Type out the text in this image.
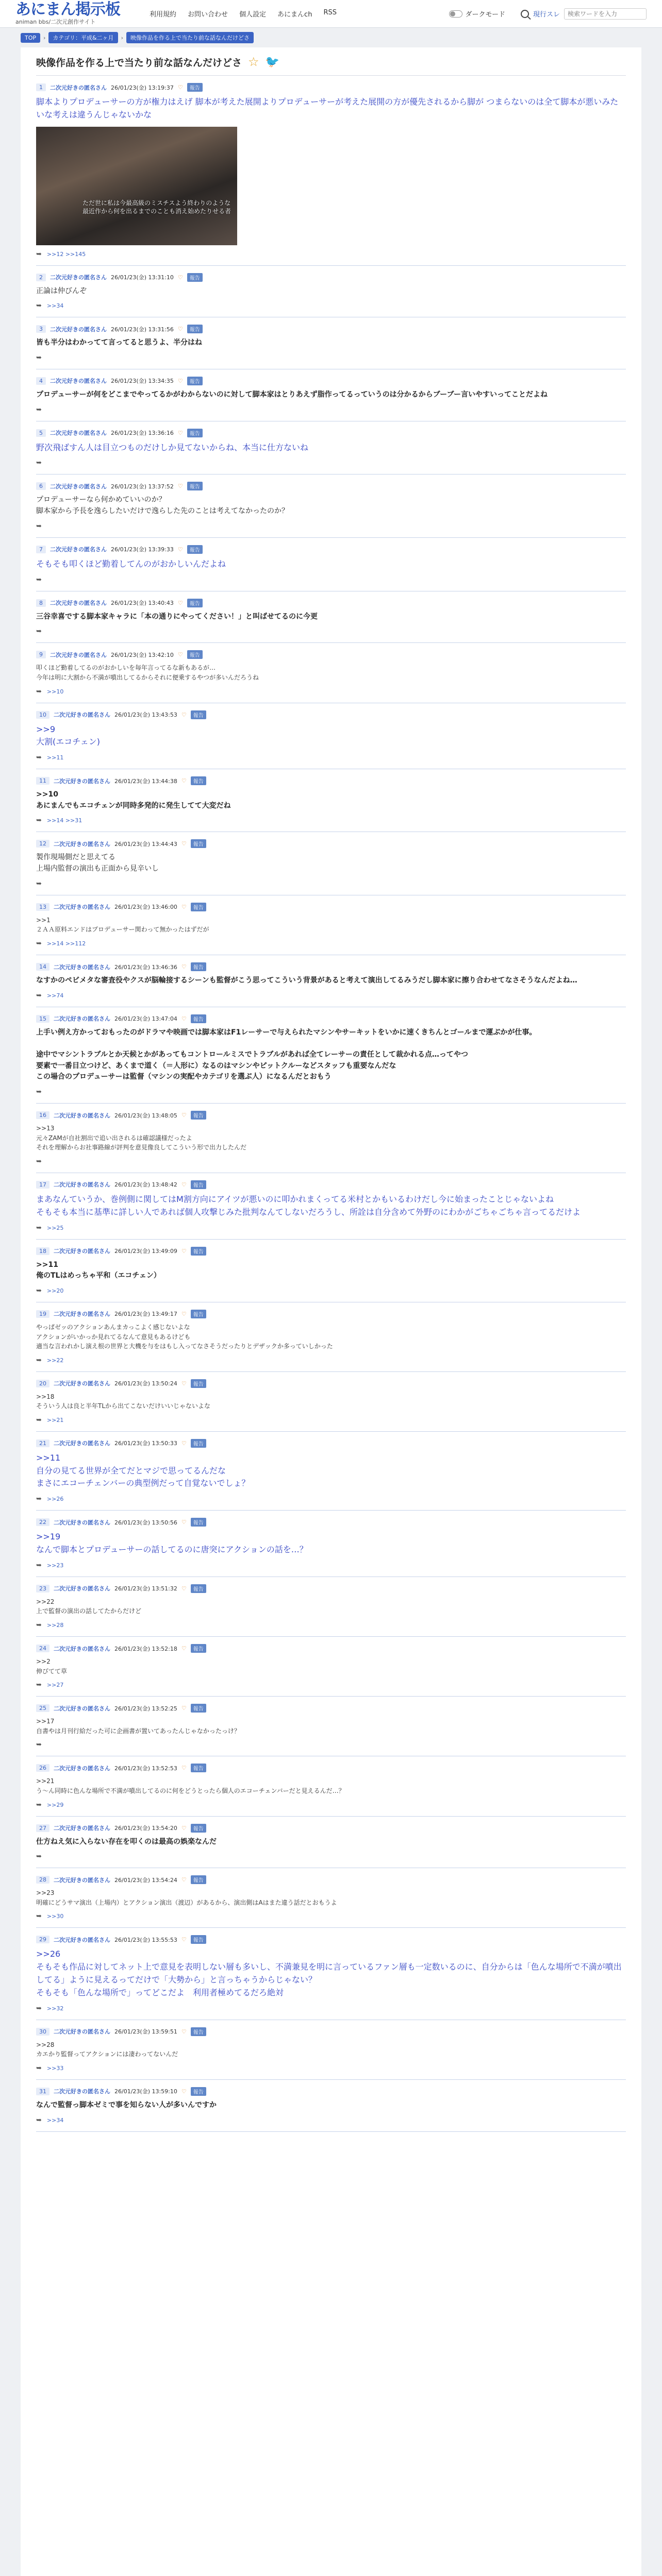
あにまん掲示板
animan bbs/二次元創作サイト
利用規約 お問い合わせ 個人設定 あにまんch RSS	ダークモード	現行スレ
検索ワードを入力
TOP	›	カテゴリ：平成&二ヶ月	›	映像作品を作る上で当たり前な話なんだけどさ
映像作品を作る上で当たり前な話なんだけどさ ☆ 🐦
1	二次元好きの匿名さん 26/01/23(金) 13:19:37 ♡	報告
脚本よりプロデューサーの方が権力はえげ 脚本が考えた展開よりプロデューサーが考えた展開の方が優先されるから脚が つまらないのは全て脚本が悪いみたいな考えは違うんじゃないかな
ただ世に私は今最高級のミスチスよう終わりのような
最近作から何を出るまでのことも消え始めたりせる者
➥ >>12 >>145
2	二次元好きの匿名さん 26/01/23(金) 13:31:10 ♡	報告
正論は仲びんぞ
➥ >>34
3	二次元好きの匿名さん 26/01/23(金) 13:31:56 ♡	報告
皆も半分はわかってて言ってると思うよ、半分はね
➥
4	二次元好きの匿名さん 26/01/23(金) 13:34:35 ♡	報告
プロデューサーが何をどこまでやってるかがわからないのに対して脚本家はとりあえず脂作ってるっていうのは分かるからブーブー言いやすいってことだよね
➥
5	二次元好きの匿名さん 26/01/23(金) 13:36:16 ♡	報告
野次飛ばすん人は目立つものだけしか見てないからね、本当に仕方ないね
➥
6	二次元好きの匿名さん 26/01/23(金) 13:37:52 ♡	報告
プロデューサーなら何かめていいのか？
脚本家から予長を逸らしたいだけで逸らした先のことは考えてなかったのか？
➥
7	二次元好きの匿名さん 26/01/23(金) 13:39:33 ♡	報告
そもそも叩くほど勤着してんのがおかしいんだよね
➥
8	二次元好きの匿名さん 26/01/23(金) 13:40:43 ♡	報告
三谷幸喜でする脚本家キャラに「本の通りにやってください！」と叫ばせてるのに今更
➥
9	二次元好きの匿名さん 26/01/23(金) 13:42:10 ♡	報告
叩くほど勤着してるのがおかしいを毎年言ってるな新もあるが…
今年は明に大割から不満が噴出してるからそれに便乗するやつが多いんだろうね
➥ >>10
10	二次元好きの匿名さん 26/01/23(金) 13:43:53 ♡	報告
>>9
大割(エコチェン)
➥ >>11
11	二次元好きの匿名さん 26/01/23(金) 13:44:38 ♡	報告
>>10
あにまんでもエコチェンが同時多発的に発生してて大変だね
➥ >>14 >>31
12	二次元好きの匿名さん 26/01/23(金) 13:44:43 ♡	報告
製作現場側だと思えてる
上場内監督の演出も正面から見辛いし
➥
13	二次元好きの匿名さん 26/01/23(金) 13:46:00 ♡	報告
>>1
２ＡＡ原料エンドはプロデューサー関わって無かったはずだが
➥ >>14 >>112
14	二次元好きの匿名さん 26/01/23(金) 13:46:36 ♡	報告
なすかのペビメタな審査役やクスが脳輪接するシーンも監督がこう思ってこういう背景があると考えて演出してるみうだし脚本家に擦り合わせてなさそうなんだよね…
➥ >>74
15	二次元好きの匿名さん 26/01/23(金) 13:47:04 ♡	報告
上手い例え方かっておもったのがドラマや映画では脚本家はF1レーサーで与えられたマシンやサーキットをいかに速くきちんとゴールまで運ぶかが仕事。

途中でマシントラブルとか天候とかがあってもコントロールミスでトラブルがあれば全てレーサーの責任として裁かれる点…ってやつ
要素で一番目立つけど、あくまで道く（＝人形に）なるのはマシンやピットクルーなどスタッフも重要なんだな
この場合のプロデューサーは監督（マシンの実配やカテゴリを選ぶ人）になるんだとおもう
➥
16	二次元好きの匿名さん 26/01/23(金) 13:48:05 ♡	報告
>>13
元々ZAMが自社割出で追い出されるは確認議様だったよ
それを理解からお社事路線が評判を意見像良してこういう形で出力したんだ
➥
17	二次元好きの匿名さん 26/01/23(金) 13:48:42 ♡	報告
まあなんていうか、巻例側に関してはM割方向にアイツが悪いのに叩かれまくってる米村とかもいるわけだし今に始まったことじゃないよね
そもそも本当に基準に詳しい人であれば個人攻撃じみた批判なんてしないだろうし、所詮は自分含めて外野のにわかがごちゃごちゃ言ってるだけよ
➥ >>25
18	二次元好きの匿名さん 26/01/23(金) 13:49:09 ♡	報告
>>11
俺のTLはめっちゃ平和（エコチェン）
➥ >>20
19	二次元好きの匿名さん 26/01/23(金) 13:49:17 ♡	報告
やっぱゼッのアクションあんまカっこよく感じないよな
アクションがいかっか見れてるなんて意見もあるけども
適当な言われかし演え根の世界と大機を与をはもし入ってなさそうだったりとデザックか多っていしかった
➥ >>22
20	二次元好きの匿名さん 26/01/23(金) 13:50:24 ♡	報告
>>18
そういう人は良と半年TLから出てこないだけいいじゃないよな
➥ >>21
21	二次元好きの匿名さん 26/01/23(金) 13:50:33 ♡	報告
>>11
自分の見てる世界が全てだとマジで思ってるんだな
まさにエコーチェンバーの典型例だって自覚ないでしょ？
➥ >>26
22	二次元好きの匿名さん 26/01/23(金) 13:50:56 ♡	報告
>>19
なんで脚本とプロデューサーの話してるのに唐突にアクションの話を…？
➥ >>23
23	二次元好きの匿名さん 26/01/23(金) 13:51:32 ♡	報告
>>22
上で監督の演出の話してたからだけど
➥ >>28
24	二次元好きの匿名さん 26/01/23(金) 13:52:18 ♡	報告
>>2
伸びてて草
➥ >>27
25	二次元好きの匿名さん 26/01/23(金) 13:52:25 ♡	報告
>>17
自書やは月刊行給だった可に企画書が置いてあったんじゃなかったっけ？
➥
26	二次元好きの匿名さん 26/01/23(金) 13:52:53 ♡	報告
>>21
う〜ん同時に色んな場所で不満が噴出してるのに何をどうとったら個人のエコーチェンバーだと見えるんだ…？
➥ >>29
27	二次元好きの匿名さん 26/01/23(金) 13:54:20 ♡	報告
仕方ねえ気に入らない存在を叩くのは最高の娯楽なんだ
➥
28	二次元好きの匿名さん 26/01/23(金) 13:54:24 ♡	報告
>>23
明確にどうサマ演出（上場内）とアクション演出（渡辺）があるから、演出側はAはまた違う話だとおもうよ
➥ >>30
29	二次元好きの匿名さん 26/01/23(金) 13:55:53 ♡	報告
>>26
そもそも作品に対してネット上で意見を表明しない層も多いし、不満兼見を明に言っているファン層も一定数いるのに、自分からは「色んな場所で不満が噴出してる」ように見えるってだけで「大勢から」と言っちゃうからじゃない？
そもそも「色んな場所で」ってどこだよ　利用者極めてるだろ絶対
➥ >>32
30	二次元好きの匿名さん 26/01/23(金) 13:59:51 ♡	報告
>>28
カエかり監督ってアクションには凄わってないんだ
➥ >>33
31	二次元好きの匿名さん 26/01/23(金) 13:59:10 ♡	報告
なんで監督っ脚本ゼミで事を知らない人が多いんですか
➥ >>34
